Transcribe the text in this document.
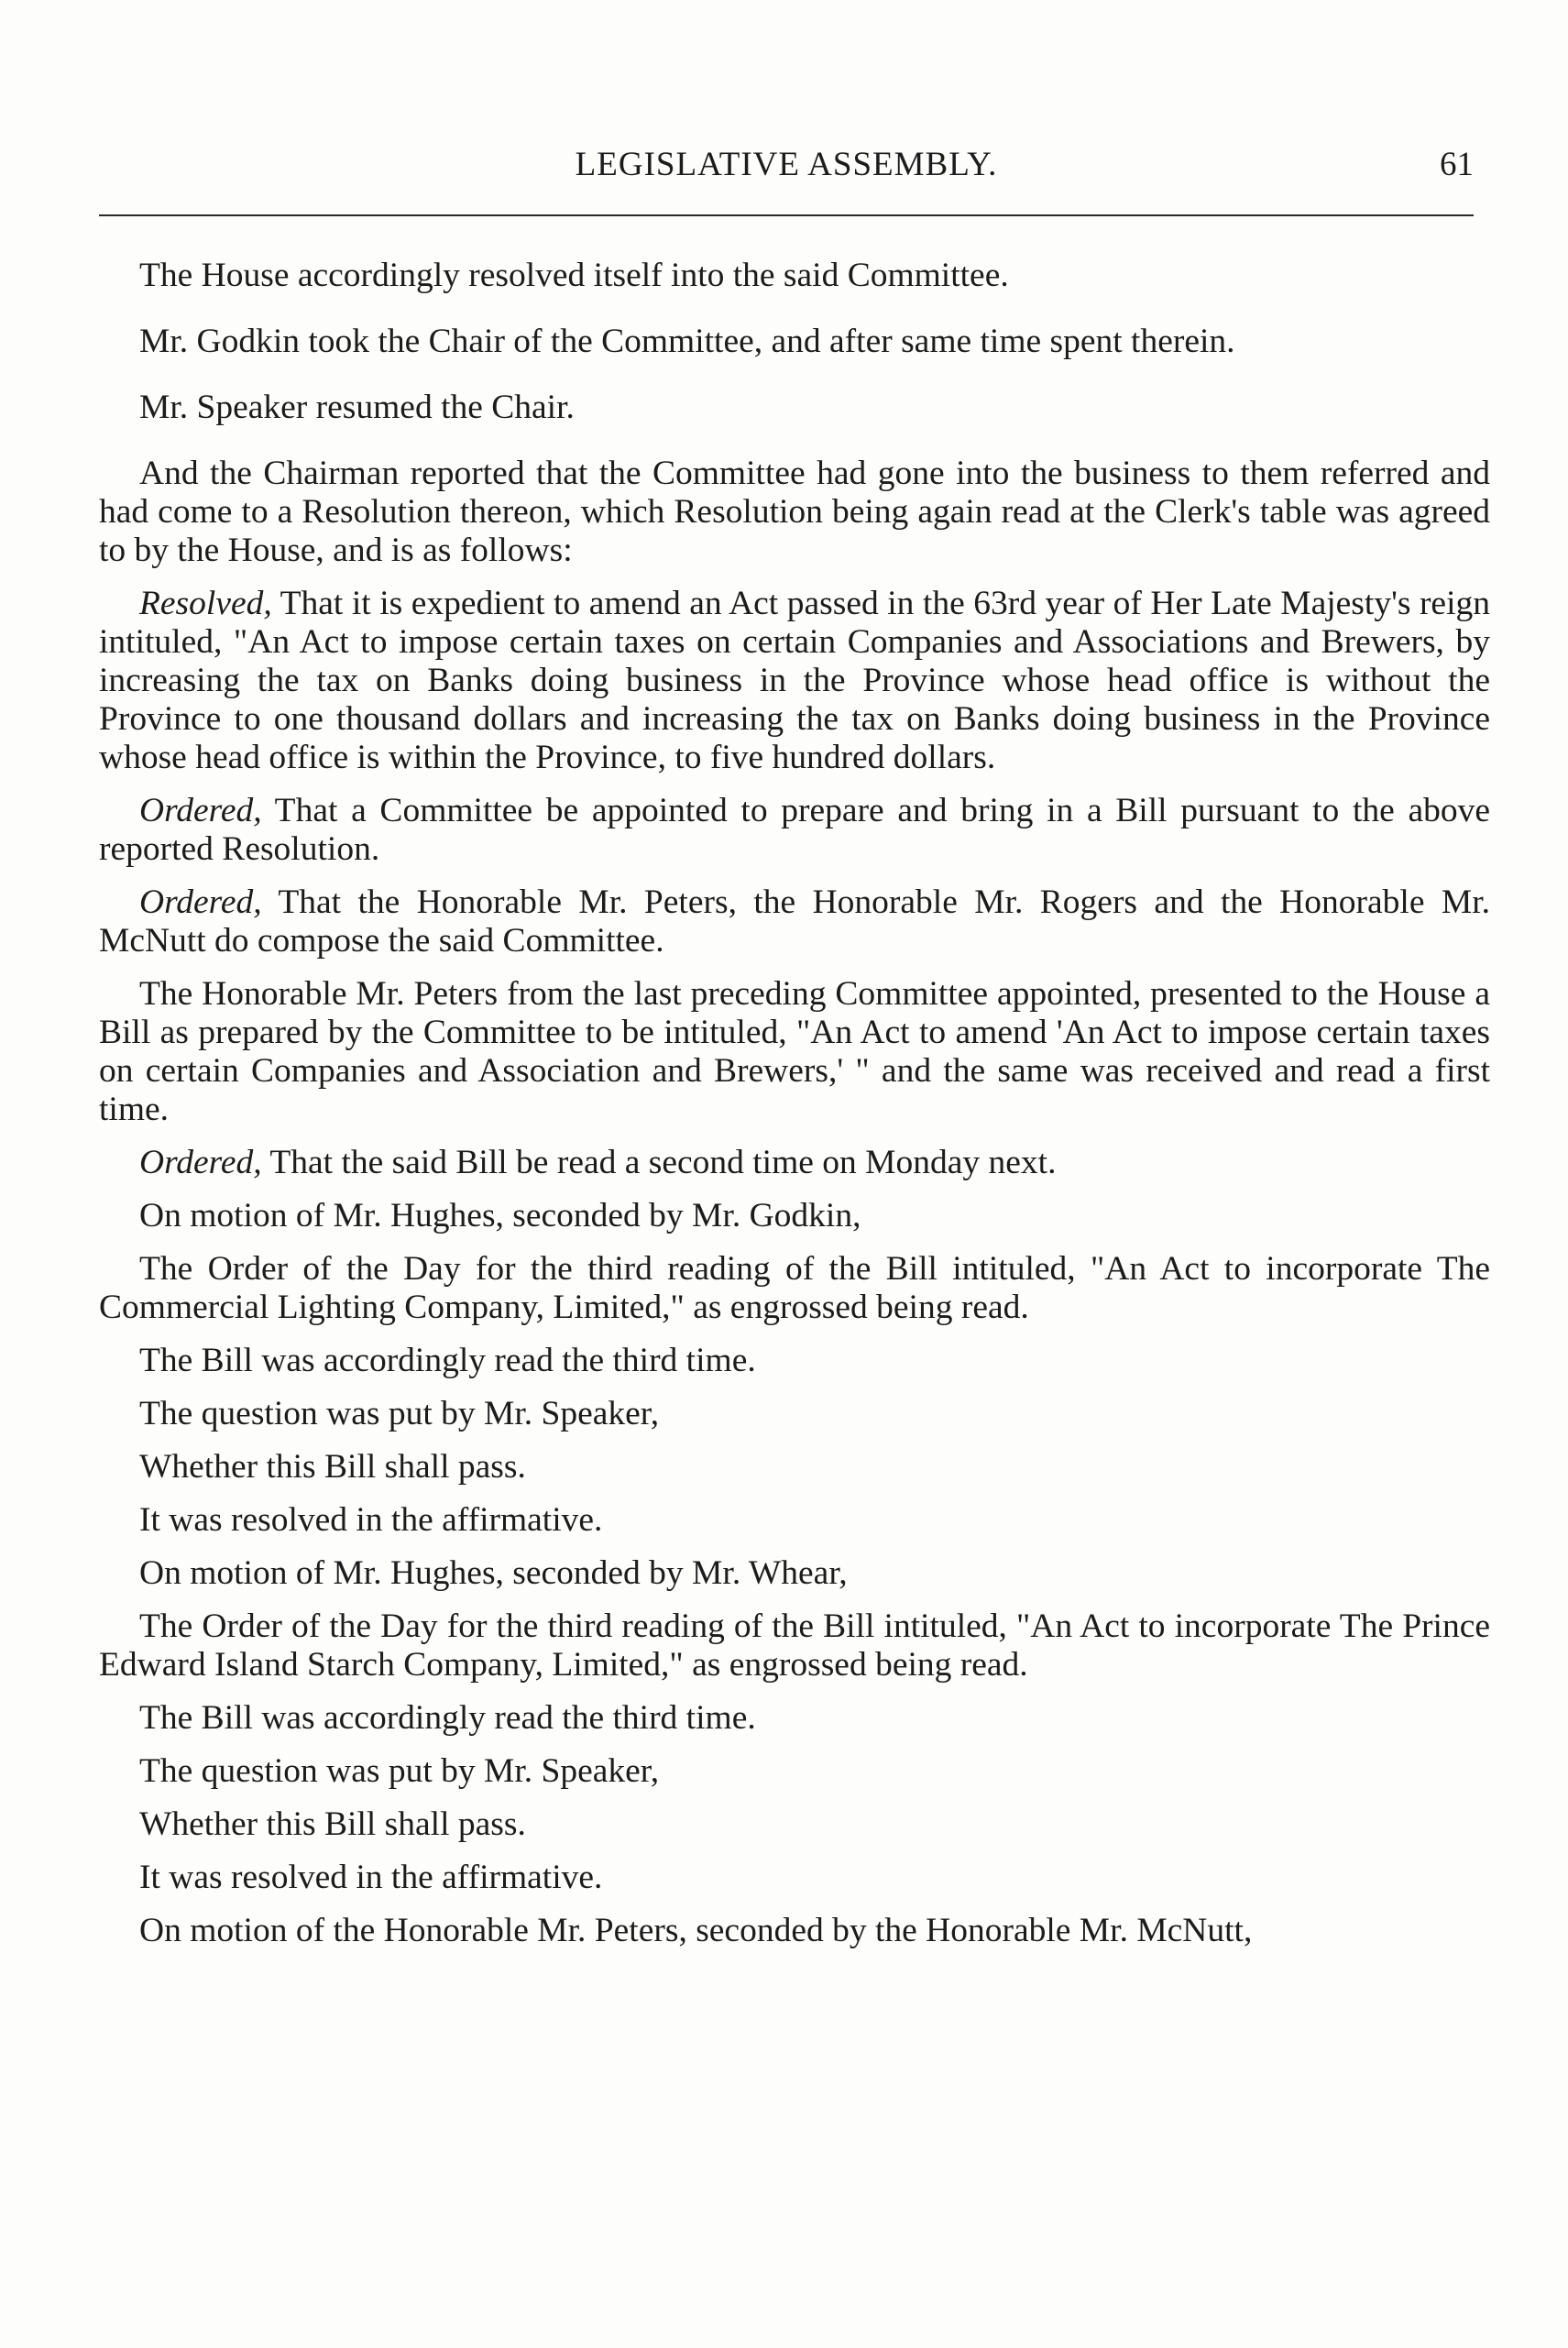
LEGISLATIVE ASSEMBLY.	61

The House accordingly resolved itself into the said Committee.

Mr. Godkin took the Chair of the Committee, and after same time spent therein.

Mr. Speaker resumed the Chair.

And the Chairman reported that the Committee had gone into the business to them referred and had come to a Resolution thereon, which Resolution being again read at the Clerk's table was agreed to by the House, and is as follows:

Resolved, That it is expedient to amend an Act passed in the 63rd year of Her Late Majesty's reign intituled, "An Act to impose certain taxes on certain Companies and Associations and Brewers, by increasing the tax on Banks doing business in the Province whose head office is without the Province to one thousand dollars and increasing the tax on Banks doing business in the Province whose head office is within the Province, to five hundred dollars.

Ordered, That a Committee be appointed to prepare and bring in a Bill pursuant to the above reported Resolution.

Ordered, That the Honorable Mr. Peters, the Honorable Mr. Rogers and the Honorable Mr. McNutt do compose the said Committee.

The Honorable Mr. Peters from the last preceding Committee appointed, presented to the House a Bill as prepared by the Committee to be intituled, "An Act to amend 'An Act to impose certain taxes on certain Companies and Association and Brewers,' " and the same was received and read a first time.

Ordered, That the said Bill be read a second time on Monday next.

On motion of Mr. Hughes, seconded by Mr. Godkin,

The Order of the Day for the third reading of the Bill intituled, "An Act to incorporate The Commercial Lighting Company, Limited," as engrossed being read.

The Bill was accordingly read the third time.

The question was put by Mr. Speaker,

Whether this Bill shall pass.

It was resolved in the affirmative.

On motion of Mr. Hughes, seconded by Mr. Whear,

The Order of the Day for the third reading of the Bill intituled, "An Act to incorporate The Prince Edward Island Starch Company, Limited," as engrossed being read.

The Bill was accordingly read the third time.

The question was put by Mr. Speaker,

Whether this Bill shall pass.

It was resolved in the affirmative.

On motion of the Honorable Mr. Peters, seconded by the Honorable Mr. McNutt,
